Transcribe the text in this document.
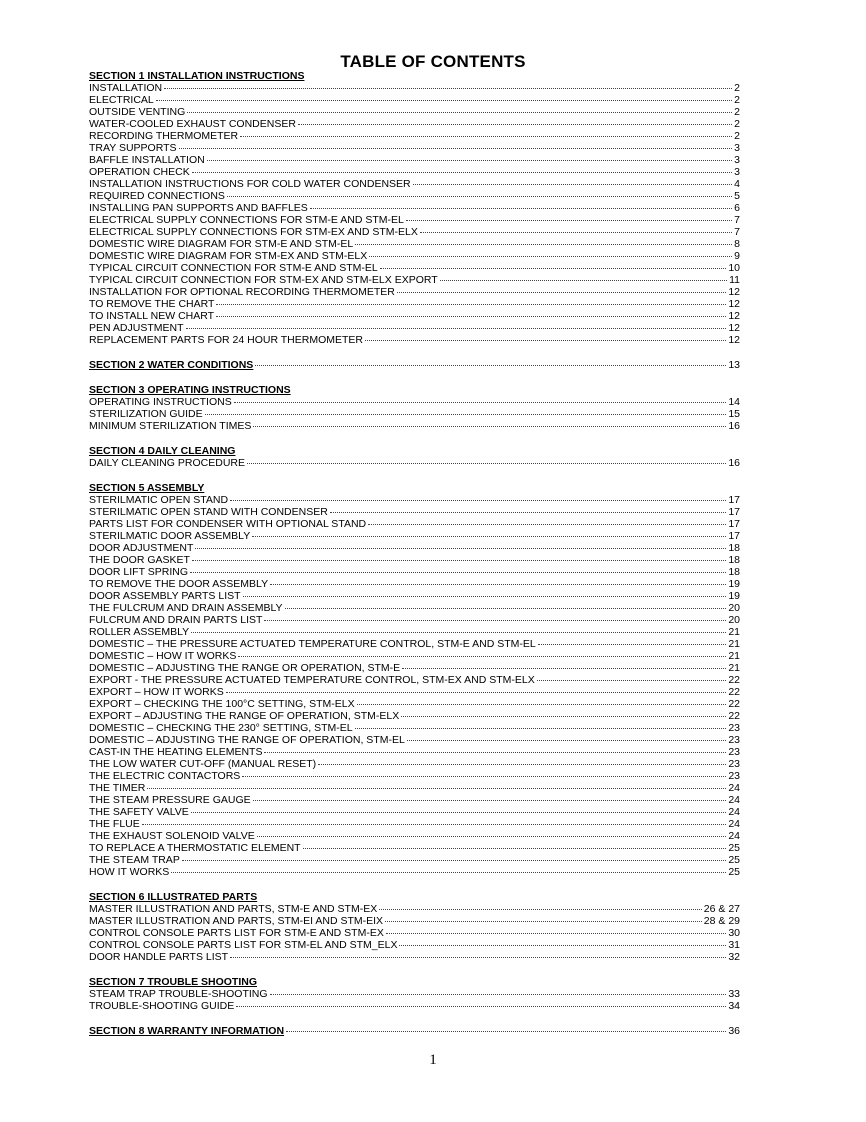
TABLE OF CONTENTS
SECTION 1 INSTALLATION INSTRUCTIONS
INSTALLATION	2
ELECTRICAL	2
OUTSIDE VENTING	2
WATER-COOLED EXHAUST CONDENSER	2
RECORDING THERMOMETER	2
TRAY SUPPORTS	3
BAFFLE INSTALLATION	3
OPERATION CHECK	3
INSTALLATION INSTRUCTIONS FOR COLD WATER CONDENSER	4
REQUIRED CONNECTIONS	5
INSTALLING PAN SUPPORTS AND BAFFLES	6
ELECTRICAL SUPPLY CONNECTIONS FOR STM-E AND STM-EL	7
ELECTRICAL SUPPLY CONNECTIONS FOR STM-EX AND STM-ELX	7
DOMESTIC WIRE DIAGRAM FOR STM-E AND STM-EL	8
DOMESTIC WIRE DIAGRAM FOR STM-EX AND STM-ELX	9
TYPICAL CIRCUIT CONNECTION FOR STM-E AND STM-EL	10
TYPICAL CIRCUIT CONNECTION FOR STM-EX AND STM-ELX EXPORT	11
INSTALLATION FOR OPTIONAL RECORDING THERMOMETER	12
TO REMOVE THE CHART	12
TO INSTALL NEW CHART	12
PEN ADJUSTMENT	12
REPLACEMENT PARTS FOR 24 HOUR THERMOMETER	12
SECTION 2 WATER CONDITIONS	13
SECTION 3 OPERATING INSTRUCTIONS
OPERATING INSTRUCTIONS	14
STERILIZATION GUIDE	15
MINIMUM STERILIZATION TIMES	16
SECTION 4 DAILY CLEANING
DAILY CLEANING PROCEDURE	16
SECTION 5 ASSEMBLY
STERILMATIC OPEN STAND	17
STERILMATIC OPEN STAND WITH CONDENSER	17
PARTS LIST FOR CONDENSER WITH OPTIONAL STAND	17
STERILMATIC DOOR ASSEMBLY	17
DOOR ADJUSTMENT	18
THE DOOR GASKET	18
DOOR LIFT SPRING	18
TO REMOVE THE DOOR ASSEMBLY	19
DOOR ASSEMBLY PARTS LIST	19
THE FULCRUM AND DRAIN ASSEMBLY	20
FULCRUM AND DRAIN PARTS LIST	20
ROLLER ASSEMBLY	21
DOMESTIC – THE PRESSURE ACTUATED TEMPERATURE CONTROL, STM-E AND STM-EL	21
DOMESTIC – HOW IT WORKS	21
DOMESTIC – ADJUSTING THE RANGE OR OPERATION, STM-E	21
EXPORT - THE PRESSURE ACTUATED TEMPERATURE CONTROL, STM-EX AND STM-ELX	22
EXPORT – HOW IT WORKS	22
EXPORT – CHECKING THE 100°C SETTING, STM-ELX	22
EXPORT – ADJUSTING THE RANGE OF OPERATION, STM-ELX	22
DOMESTIC – CHECKING THE 230° SETTING, STM-EL	23
DOMESTIC – ADJUSTING THE RANGE OF OPERATION, STM-EL	23
CAST-IN THE HEATING ELEMENTS	23
THE LOW WATER CUT-OFF (MANUAL RESET)	23
THE ELECTRIC CONTACTORS	23
THE TIMER	24
THE STEAM PRESSURE GAUGE	24
THE SAFETY VALVE	24
THE FLUE	24
THE EXHAUST SOLENOID VALVE	24
TO REPLACE A THERMOSTATIC ELEMENT	25
THE STEAM TRAP	25
HOW IT WORKS	25
SECTION 6 ILLUSTRATED PARTS
MASTER ILLUSTRATION AND PARTS, STM-E AND STM-EX	26 & 27
MASTER ILLUSTRATION AND PARTS, STM-EI AND STM-EIX	28 & 29
CONTROL CONSOLE PARTS LIST FOR STM-E AND STM-EX	30
CONTROL CONSOLE PARTS LIST FOR STM-EL AND STM_ELX	31
DOOR HANDLE PARTS LIST	32
SECTION 7 TROUBLE SHOOTING
STEAM TRAP TROUBLE-SHOOTING	33
TROUBLE-SHOOTING GUIDE	34
SECTION 8 WARRANTY INFORMATION	36

1
